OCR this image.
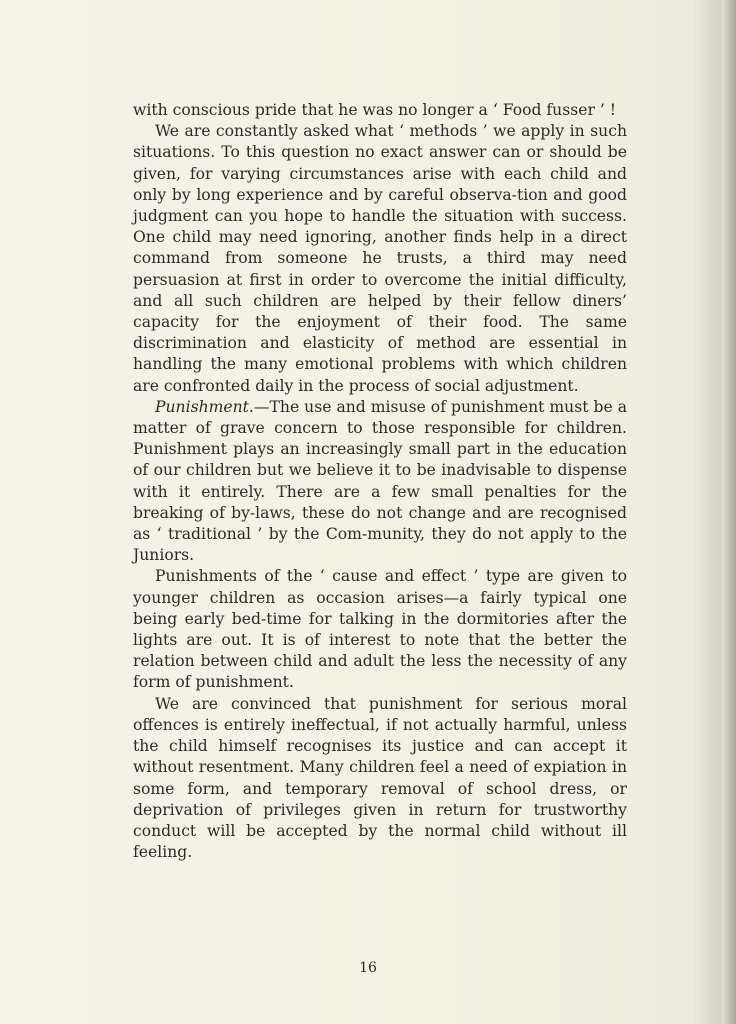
with conscious pride that he was no longer a ‘ Food fusser ’ !

We are constantly asked what ‘ methods ’ we apply in such situations. To this question no exact answer can or should be given, for varying circumstances arise with each child and only by long experience and by careful observa‐tion and good judgment can you hope to handle the situation with success. One child may need ignoring, another finds help in a direct command from someone he trusts, a third may need persuasion at first in order to overcome the initial difficulty, and all such children are helped by their fellow diners’ capacity for the enjoyment of their food. The same discrimination and elasticity of method are essential in handling the many emotional problems with which children are confronted daily in the process of social adjustment.

Punishment.—The use and misuse of punishment must be a matter of grave concern to those responsible for children. Punishment plays an increasingly small part in the education of our children but we believe it to be inadvisable to dispense with it entirely. There are a few small penalties for the breaking of by‐laws, these do not change and are recognised as ‘ traditional ’ by the Com‐munity, they do not apply to the Juniors.

Punishments of the ‘ cause and effect ’ type are given to younger children as occasion arises—a fairly typical one being early bed‐time for talking in the dormitories after the lights are out. It is of interest to note that the better the relation between child and adult the less the necessity of any form of punishment.

We are convinced that punishment for serious moral offences is entirely ineffectual, if not actually harmful, unless the child himself recognises its justice and can accept it without resentment. Many children feel a need of expiation in some form, and temporary removal of school dress, or deprivation of privileges given in return for trustworthy conduct will be accepted by the normal child without ill feeling.

16
